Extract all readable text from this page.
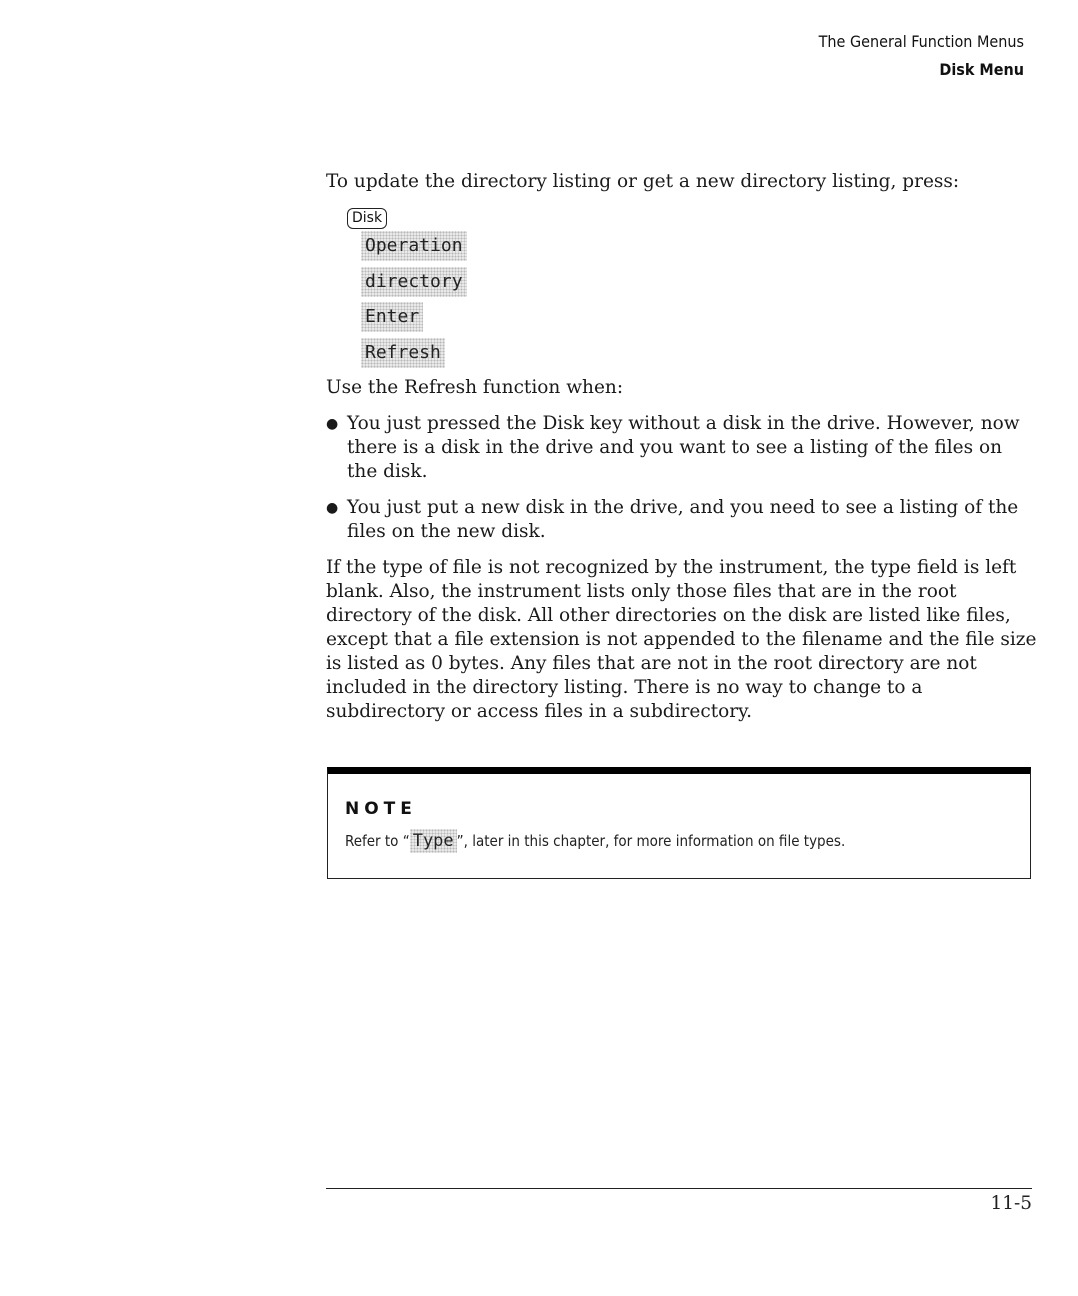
The General Function Menus
Disk Menu
To update the directory listing or get a new directory listing, press:
Disk
Operation
directory
Enter
Refresh
Use the Refresh function when:
● You just pressed the Disk key without a disk in the drive. However, now there is a disk in the drive and you want to see a listing of the files on the disk.
● You just put a new disk in the drive, and you need to see a listing of the files on the new disk.
If the type of file is not recognized by the instrument, the type field is left blank. Also, the instrument lists only those files that are in the root directory of the disk. All other directories on the disk are listed like files, except that a file extension is not appended to the filename and the file size is listed as 0 bytes. Any files that are not in the root directory are not included in the directory listing. There is no way to change to a subdirectory or access files in a subdirectory.
NOTE
Refer to “ Type ”, later in this chapter, for more information on file types.
11-5
